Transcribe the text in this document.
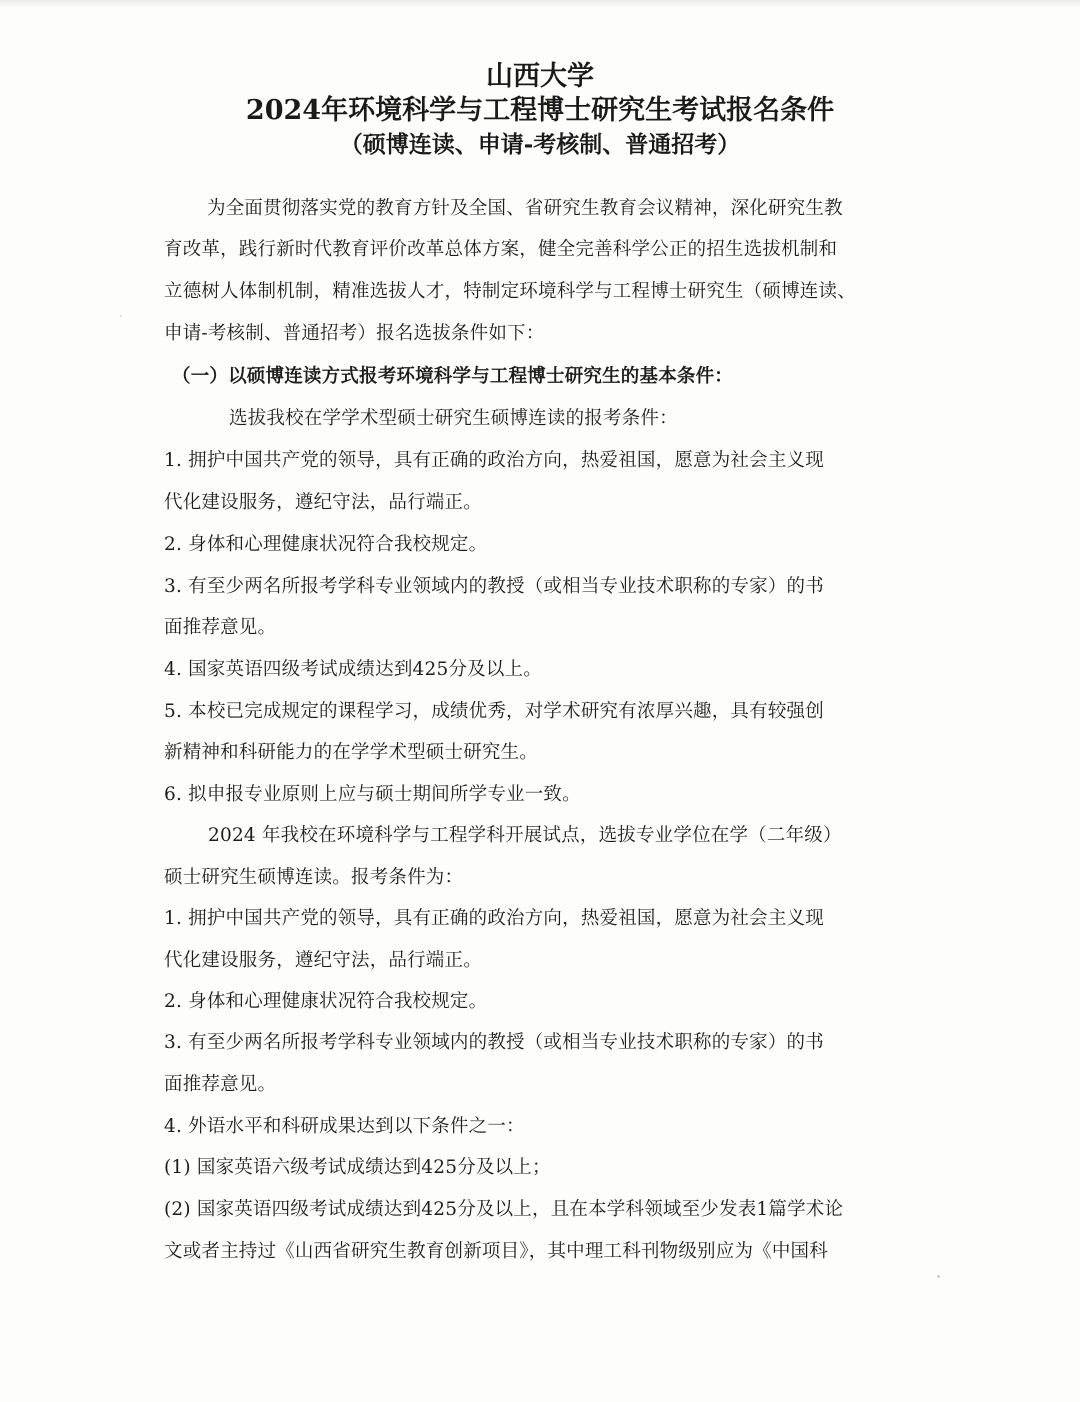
山西大学
2024年环境科学与工程博士研究生考试报名条件
（硕博连读、申请-考核制、普通招考）

为全面贯彻落实党的教育方针及全国、省研究生教育会议精神，深化研究生教

育改革，践行新时代教育评价改革总体方案，健全完善科学公正的招生选拔机制和

立德树人体制机制，精准选拔人才，特制定环境科学与工程博士研究生（硕博连读、

申请-考核制、普通招考）报名选拔条件如下：

（一）以硕博连读方式报考环境科学与工程博士研究生的基本条件：

选拔我校在学学术型硕士研究生硕博连读的报考条件：

1. 拥护中国共产党的领导，具有正确的政治方向，热爱祖国，愿意为社会主义现

代化建设服务，遵纪守法，品行端正。

2. 身体和心理健康状况符合我校规定。

3. 有至少两名所报考学科专业领域内的教授（或相当专业技术职称的专家）的书

面推荐意见。

4. 国家英语四级考试成绩达到425分及以上。

5. 本校已完成规定的课程学习，成绩优秀，对学术研究有浓厚兴趣，具有较强创

新精神和科研能力的在学学术型硕士研究生。

6. 拟申报专业原则上应与硕士期间所学专业一致。

2024 年我校在环境科学与工程学科开展试点，选拔专业学位在学（二年级）

硕士研究生硕博连读。报考条件为：

1. 拥护中国共产党的领导，具有正确的政治方向，热爱祖国，愿意为社会主义现

代化建设服务，遵纪守法，品行端正。

2. 身体和心理健康状况符合我校规定。

3. 有至少两名所报考学科专业领域内的教授（或相当专业技术职称的专家）的书

面推荐意见。

4. 外语水平和科研成果达到以下条件之一：

(1) 国家英语六级考试成绩达到425分及以上；

(2) 国家英语四级考试成绩达到425分及以上，且在本学科领域至少发表1篇学术论

文或者主持过《山西省研究生教育创新项目》，其中理工科刊物级别应为《中国科
